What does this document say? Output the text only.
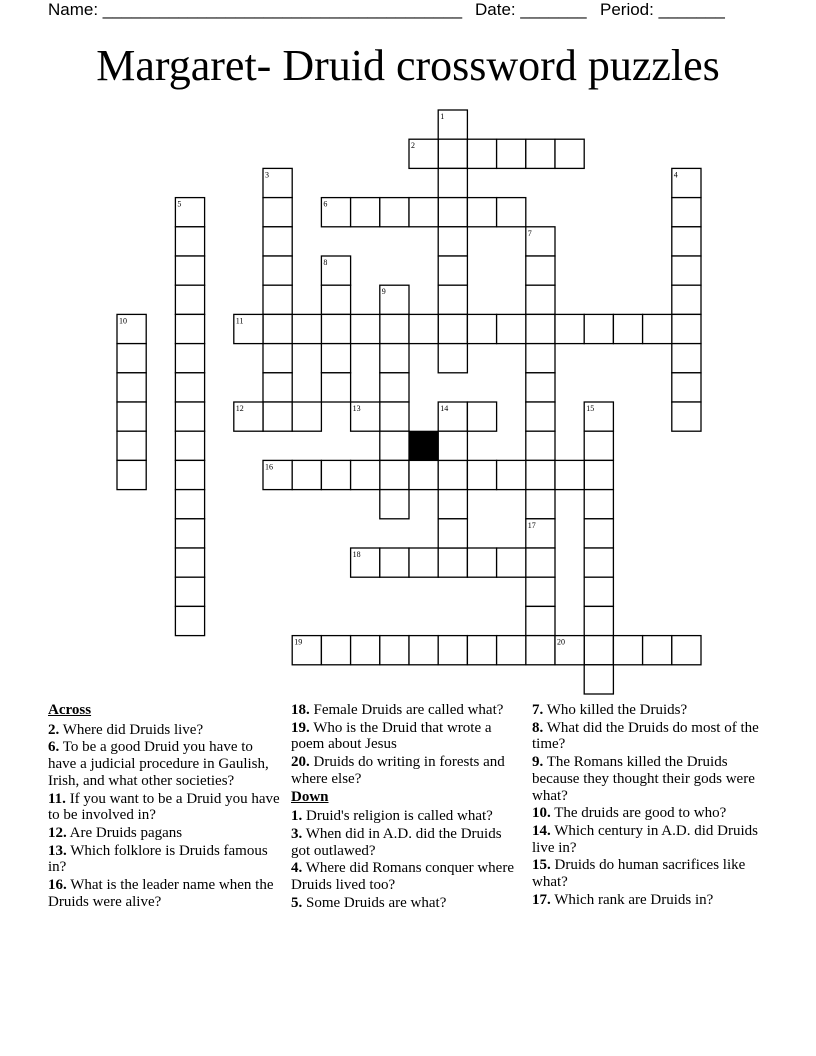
Name: ______________________________________ Date: _______ Period: _______
Margaret- Druid crossword puzzles
1
2
3	4
5	6
7
8
9
10	11
12	13	14	15
16
17
18
19	20
Across
2. Where did Druids live?
6. To be a good Druid you have to have a judicial procedure in Gaulish, Irish, and what other societies?
11. If you want to be a Druid you have to be involved in?
12. Are Druids pagans
13. Which folklore is Druids famous in?
16. What is the leader name when the Druids were alive?
18. Female Druids are called what?
19. Who is the Druid that wrote a poem about Jesus
20. Druids do writing in forests and where else?
Down
1. Druid's religion is called what?
3. When did in A.D. did the Druids got outlawed?
4. Where did Romans conquer where Druids lived too?
5. Some Druids are what?
7. Who killed the Druids?
8. What did the Druids do most of the time?
9. The Romans killed the Druids because they thought their gods were what?
10. The druids are good to who?
14. Which century in A.D. did Druids live in?
15. Druids do human sacrifices like what?
17. Which rank are Druids in?
